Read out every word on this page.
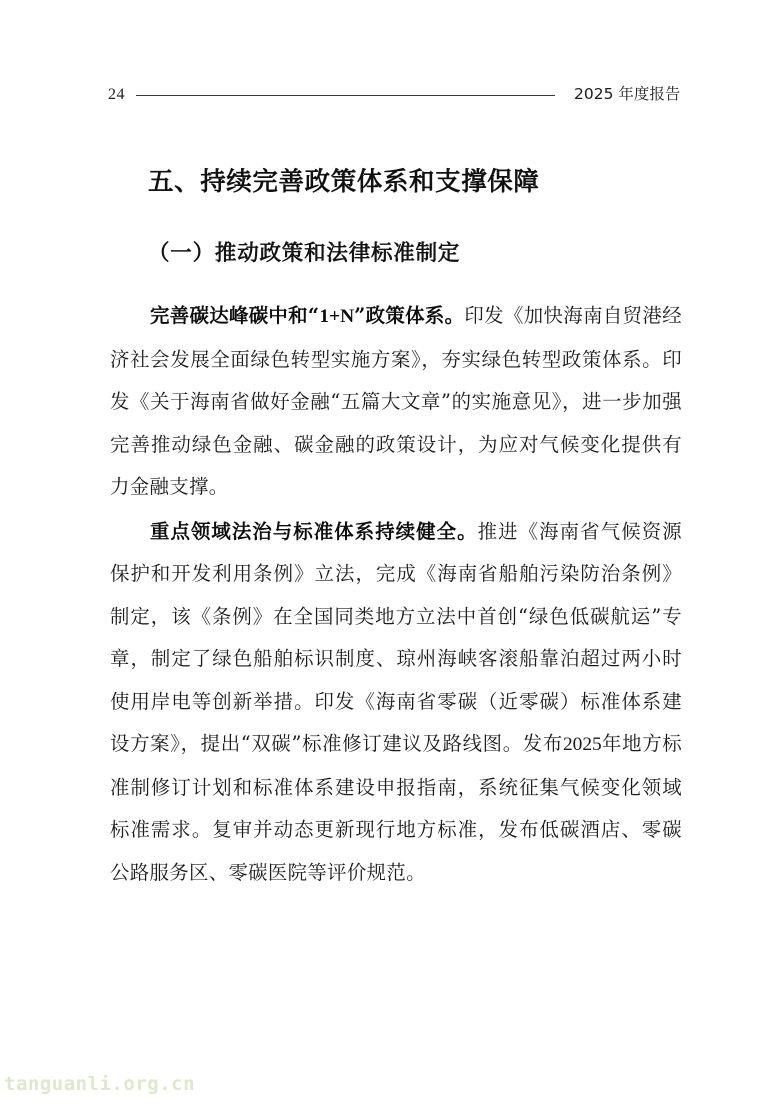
24	2025 年度报告
五、持续完善政策体系和支撑保障
（一）推动政策和法律标准制定

完善碳达峰碳中和“1+N”政策体系。印发《加快海南自贸港经济社会发展全面绿色转型实施方案》，夯实绿色转型政策体系。印发《关于海南省做好金融“五篇大文章”的实施意见》，进一步加强完善推动绿色金融、碳金融的政策设计，为应对气候变化提供有力金融支撑。

重点领域法治与标准体系持续健全。推进《海南省气候资源保护和开发利用条例》立法，完成《海南省船舶污染防治条例》制定，该《条例》在全国同类地方立法中首创“绿色低碳航运”专章，制定了绿色船舶标识制度、琼州海峡客滚船靠泊超过两小时使用岸电等创新举措。印发《海南省零碳（近零碳）标准体系建设方案》，提出“双碳”标准修订建议及路线图。发布2025年地方标准制修订计划和标准体系建设申报指南，系统征集气候变化领域标准需求。复审并动态更新现行地方标准，发布低碳酒店、零碳公路服务区、零碳医院等评价规范。

tanguanli.org.cn
